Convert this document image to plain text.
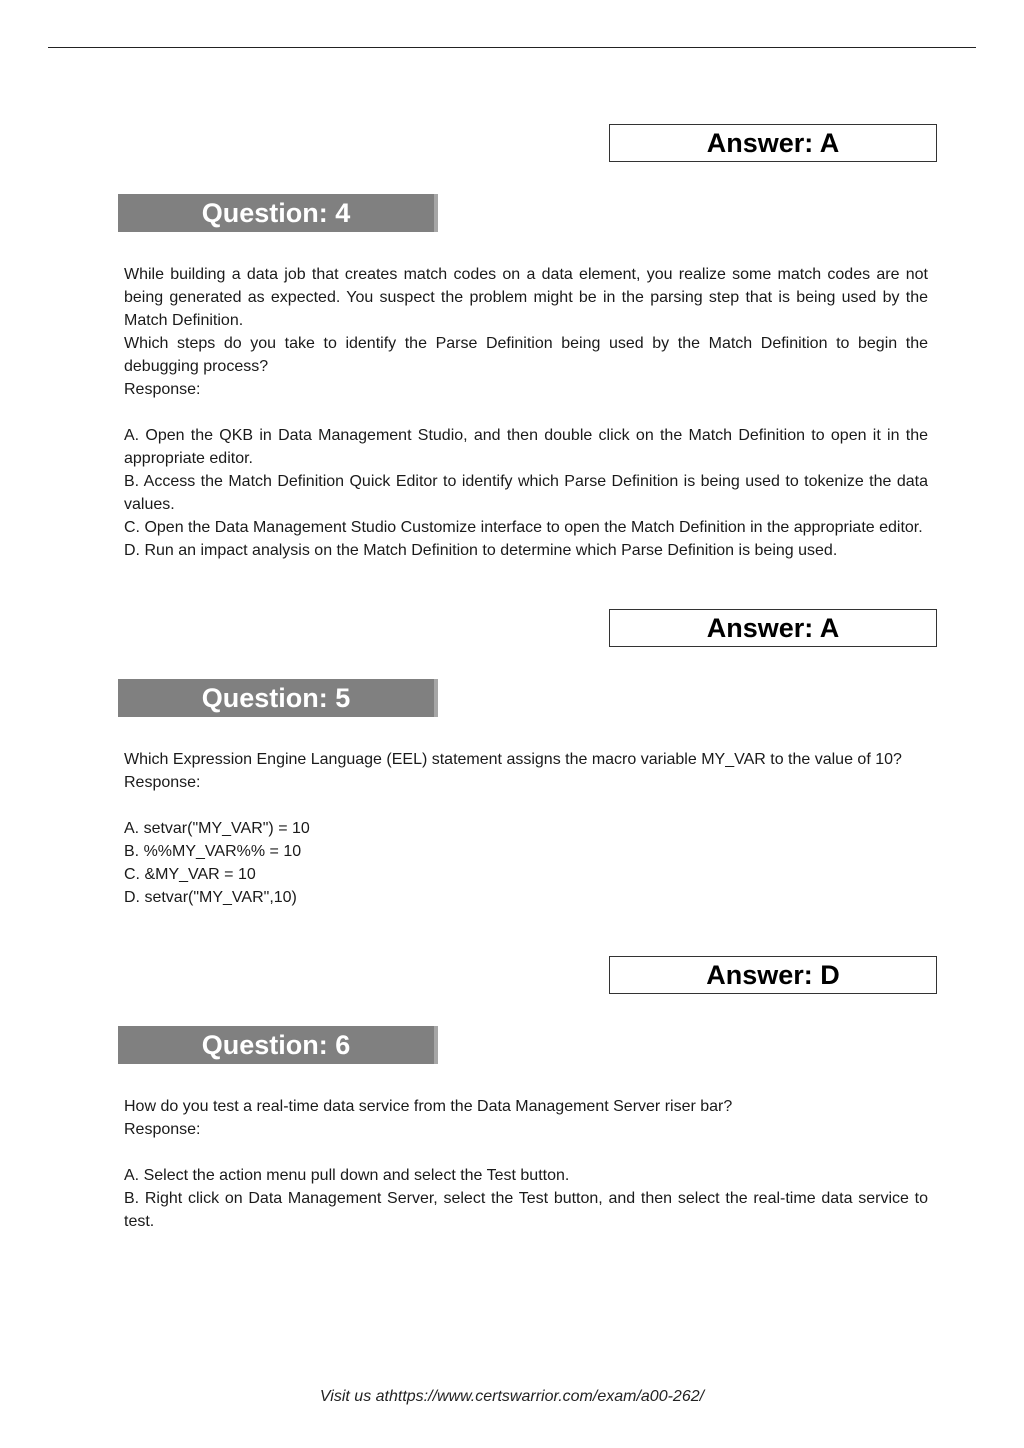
Answer: A
Question: 4

While building a data job that creates match codes on a data element, you realize some match codes are not being generated as expected. You suspect the problem might be in the parsing step that is being used by the Match Definition.

Which steps do you take to identify the Parse Definition being used by the Match Definition to begin the debugging process?

Response:

A. Open the QKB in Data Management Studio, and then double click on the Match Definition to open it in the appropriate editor.

B. Access the Match Definition Quick Editor to identify which Parse Definition is being used to tokenize the data values.

C. Open the Data Management Studio Customize interface to open the Match Definition in the appropriate editor.

D. Run an impact analysis on the Match Definition to determine which Parse Definition is being used.

Answer: A
Question: 5

Which Expression Engine Language (EEL) statement assigns the macro variable MY_VAR to the value of 10?

Response:

A. setvar("MY_VAR") = 10

B. %%MY_VAR%% = 10

C. &MY_VAR = 10

D. setvar("MY_VAR",10)

Answer: D
Question: 6

How do you test a real-time data service from the Data Management Server riser bar?

Response:

A. Select the action menu pull down and select the Test button.

B. Right click on Data Management Server, select the Test button, and then select the real-time data service to test.

Visit us athttps://www.certswarrior.com/exam/a00-262/
